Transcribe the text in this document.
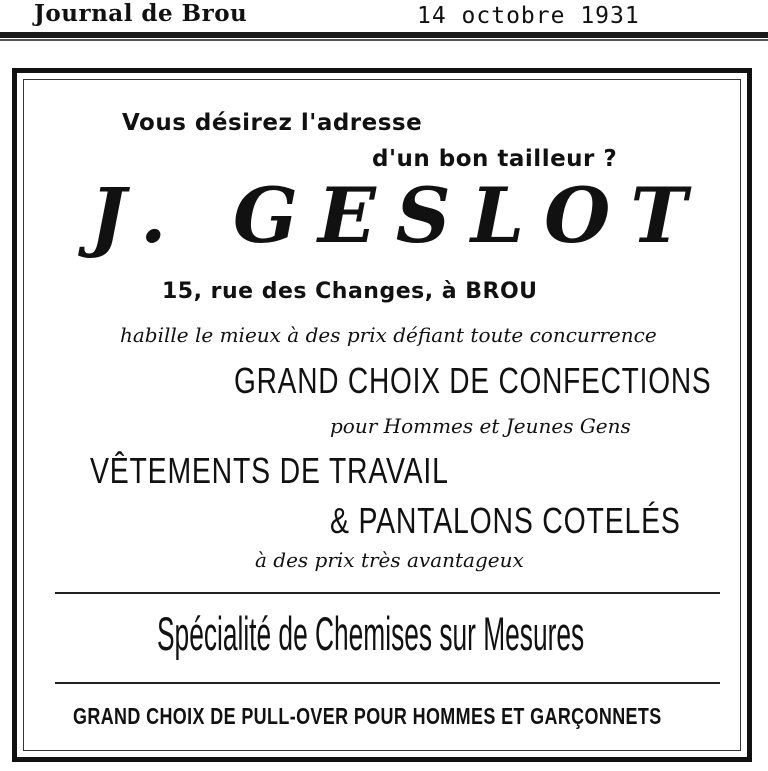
Journal de Brou	14 octobre 1931
Vous désirez l'adresse
d'un bon tailleur ?
J. GESLOT
15, rue des Changes, à BROU
habille le mieux à des prix défiant toute concurrence
GRAND CHOIX DE CONFECTIONS
pour Hommes et Jeunes Gens
VÊTEMENTS DE TRAVAIL
& PANTALONS COTELÉS
à des prix très avantageux
Spécialité de Chemises sur Mesures
GRAND CHOIX DE PULL-OVER POUR HOMMES ET GARÇONNETS
